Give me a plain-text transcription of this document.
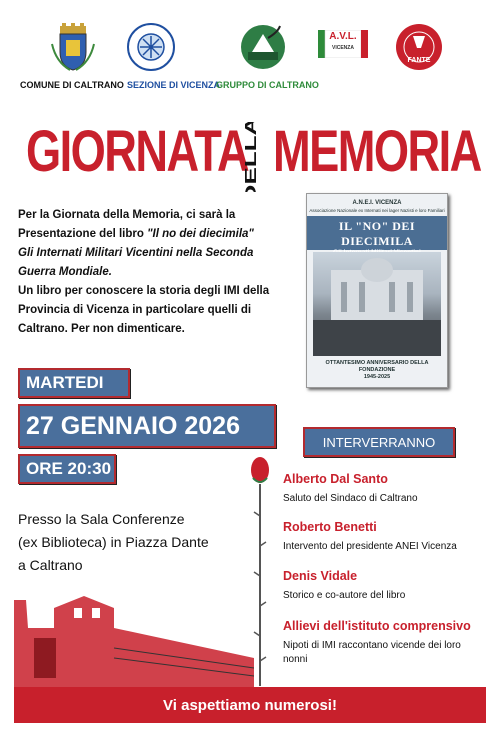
A.V.L.
VICENZA
FANTE
COMUNE DI CALTRANO SEZIONE DI VICENZA
GRUPPO DI CALTRANO
GIORNATA
DELLA MEMORIA

Per la Giornata della Memoria, ci sarà la

Presentazione del libro "Il no dei diecimila"

Gli Internati Militari Vicentini nella Seconda

Guerra Mondiale.

Un libro per conoscere la storia degli IMI della

Provincia di Vicenza in particolare quelli di

Caltrano. Per non dimenticare.

MARTEDI
27 GENNAIO 2026
ORE 20:30
Presso la Sala Conferenze
(ex Biblioteca) in Piazza Dante
a Caltrano
A.N.E.I. VICENZA
Associazione Nazionale ex Internati nei lager Nazisti e loro Familiari
IL "NO" DEI DIECIMILA
OTTANTESIMO ANNIVERSARIO DELLA FONDAZIONE
1945-2025
INTERVERRANNO
Alberto Dal Santo
Saluto del Sindaco di Caltrano
Roberto Benetti
Intervento del presidente ANEI Vicenza
Denis Vidale
Storico e co-autore del libro
Allievi dell'istituto comprensivo
Nipoti di IMI raccontano vicende dei loro nonni
Vi aspettiamo numerosi!
